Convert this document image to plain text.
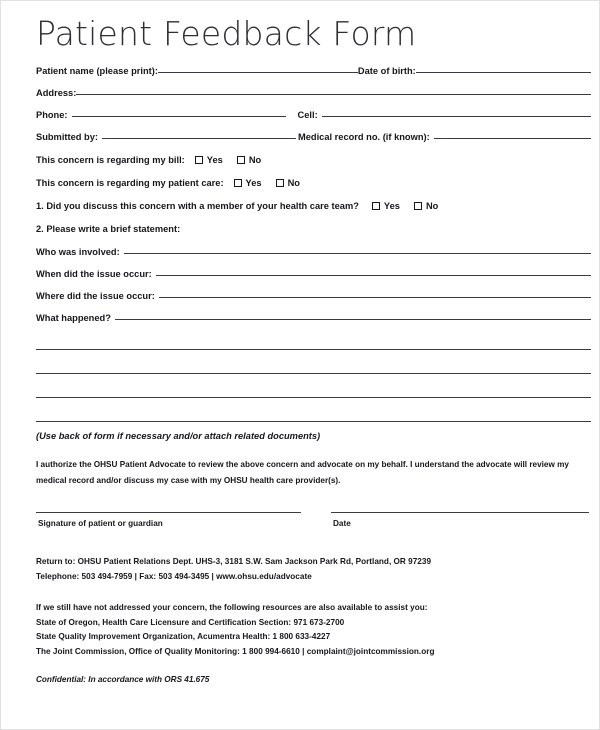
Patient Feedback Form
Patient name (please print):	Date of birth:
Address:
Phone:	Cell:
Submitted by:	Medical record no. (if known):
This concern is regarding my bill: Yes	No
This concern is regarding my patient care: Yes	No
1. Did you discuss this concern with a member of your health care team?	Yes	No
2. Please write a brief statement:
Who was involved:
When did the issue occur:
Where did the issue occur:
What happened?
(Use back of form if necessary and/or attach related documents)
I authorize the OHSU Patient Advocate to review the above concern and advocate on my behalf. I understand the advocate will review my medical record and/or discuss my case with my OHSU health care provider(s).
Signature of patient or guardian	Date
Return to: OHSU Patient Relations Dept. UHS-3, 3181 S.W. Sam Jackson Park Rd, Portland, OR 97239
Telephone: 503 494-7959 | Fax: 503 494-3495 | www.ohsu.edu/advocate
If we still have not addressed your concern, the following resources are also available to assist you:
State of Oregon, Health Care Licensure and Certification Section: 971 673-2700
State Quality Improvement Organization, Acumentra Health: 1 800 633-4227
The Joint Commission, Office of Quality Monitoring: 1 800 994-6610 | complaint@jointcommission.org
Confidential: In accordance with ORS 41.675
